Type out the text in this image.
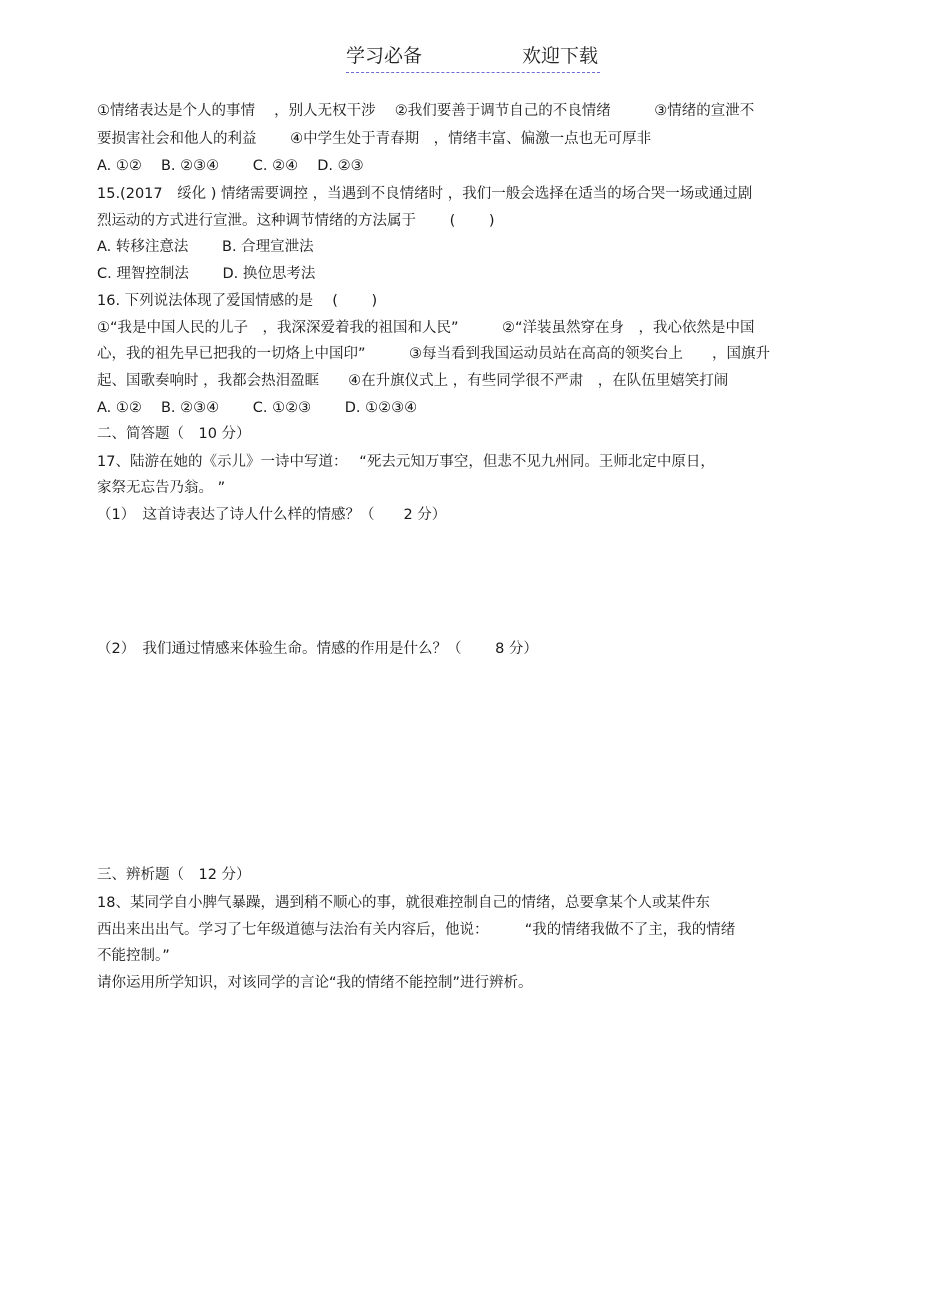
学习必备	欢迎下载
①情绪表达是个人的事情　 ，别人无权干涉　 ②我们要善于调节自己的不良情绪　　　③情绪的宣泄不
要损害社会和他人的利益　　 ④中学生处于青春期　，情绪丰富、偏激一点也无可厚非
A. ①②　 B. ②③④　　 C. ②④　 D. ②③
15.(2017　绥化 ) 情绪需要调控 ，当遇到不良情绪时 ，我们一般会选择在适当的场合哭一场或通过剧
烈运动的方式进行宣泄。这种调节情绪的方法属于　　 (　　 )
A. 转移注意法　　 B. 合理宣泄法
C. 理智控制法　　 D. 换位思考法
16. 下列说法体现了爱国情感的是　 (　　 )
①“我是中国人民的儿子　，我深深爱着我的祖国和人民”　　　②“洋装虽然穿在身　，我心依然是中国
心，我的祖先早已把我的一切烙上中国印”　　　③每当看到我国运动员站在高高的领奖台上　　，国旗升
起、国歌奏响时 ，我都会热泪盈眶　　④在升旗仪式上 ，有些同学很不严肃　，在队伍里嬉笑打闹
A. ①②　 B. ②③④　　 C. ①②③　　 D. ①②③④
二、简答题（　10 分）
17、陆游在她的《示儿》一诗中写道：　 “死去元知万事空，但悲不见九州同。王师北定中原日，
家祭无忘告乃翁。 ”
（1）　这首诗表达了诗人什么样的情感？（　　2 分）
（2）　我们通过情感来体验生命。情感的作用是什么？（　　 8 分）
三、辨析题（　12 分）
18、某同学自小脾气暴躁，遇到稍不顺心的事，就很难控制自己的情绪，总要拿某个人或某件东
西出来出出气。学习了七年级道德与法治有关内容后，他说：　　　“我的情绪我做不了主，我的情绪
不能控制。”
请你运用所学知识，对该同学的言论“我的情绪不能控制”进行辨析。
